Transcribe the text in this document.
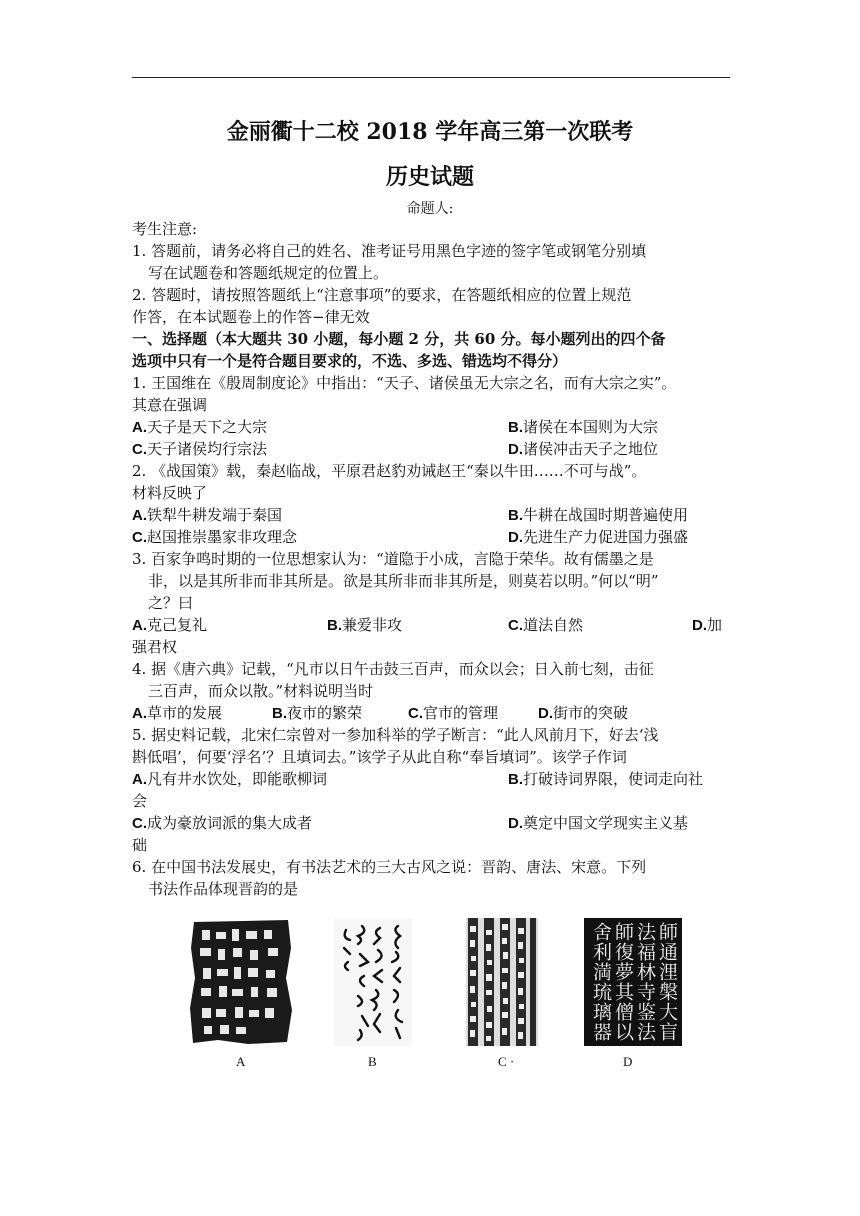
金丽衢十二校 2018 学年高三第一次联考
历史试题
命题人:
考生注意:
1. 答题前，请务必将自己的姓名、准考证号用黑色字迹的签字笔或钢笔分别填
写在试题卷和答题纸规定的位置上。
2. 答题时，请按照答题纸上“注意事项”的要求，在答题纸相应的位置上规范
作答，在本试题卷上的作答−律无效
一、选择题（本大题共 30 小题，每小题 2 分，共 60 分。每小题列出的四个备
选项中只有一个是符合题目要求的，不选、多选、错选均不得分）
1. 王国维在《殷周制度论》中指出：“天子、诸侯虽无大宗之名，而有大宗之实”。
其意在强调
A.天子是天下之大宗	B.诸侯在本国则为大宗
C.天子诸侯均行宗法	D.诸侯冲击天子之地位
2. 《战国策》载，秦赵临战，平原君赵豹劝诫赵王“秦以牛田……不可与战”。
材料反映了
A.铁犁牛耕发端于秦国	B.牛耕在战国时期普遍使用
C.赵国推崇墨家非攻理念	D.先进生产力促进国力强盛
3. 百家争鸣时期的一位思想家认为：“道隐于小成，言隐于荣华。故有儒墨之是
非，以是其所非而非其所是。欲是其所非而非其所是，则莫若以明。”何以“明”
之？曰
A.克己复礼	B.兼爱非攻	C.道法自然	D.加
强君权
4. 据《唐六典》记载，“凡市以日午击鼓三百声，而众以会；日入前七刻，击征
三百声，而众以散。”材料说明当时
A.草市的发展	B.夜市的繁荣	C.官市的管理	D.街市的突破
5. 据史料记载，北宋仁宗曾对一参加科举的学子断言：“此人风前月下，好去‘浅
斟低唱’，何要‘浮名’？且填词去。”该学子从此自称“奉旨填词”。该学子作词
A.凡有井水饮处，即能歌柳词	B.打破诗词界限，使词走向社
会
C.成为豪放词派的集大成者	D.奠定中国文学现实主义基
础
6. 在中国书法发展史，有书法艺术的三大古风之说：晋韵、唐法、宋意。下列
书法作品体现晋韵的是
A	B	C ·
師通浬槃大盲法福林寺鉴法師復夢其僧以舍利満琉璃器
D
